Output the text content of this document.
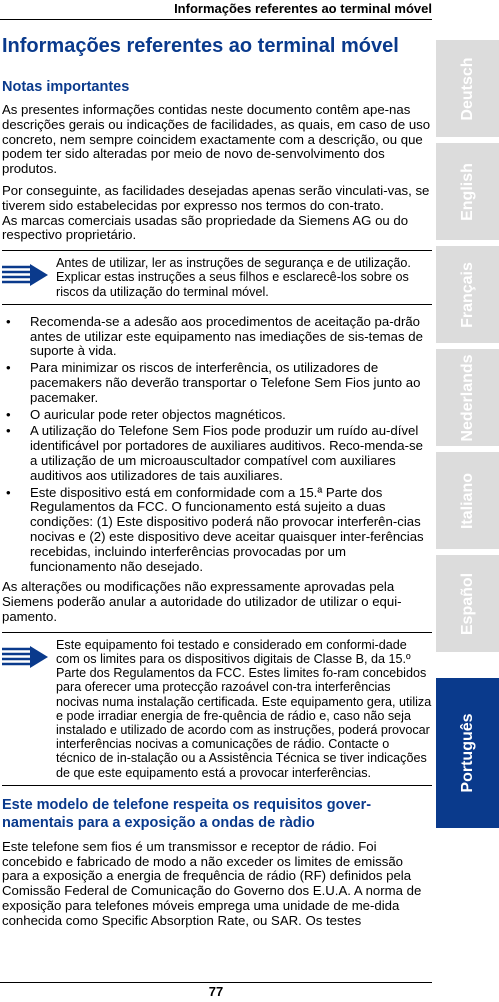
Informações referentes ao terminal móvel
Informações referentes ao terminal móvel
Notas importantes

As presentes informações contidas neste documento contêm ape-nas descrições gerais ou indicações de facilidades, as quais, em caso de uso concreto, nem sempre coincidem exactamente com a descrição, ou que podem ter sido alteradas por meio de novo de-senvolvimento dos produtos.

Por conseguinte, as facilidades desejadas apenas serão vinculati-vas, se tiverem sido estabelecidas por expresso nos termos do con-trato.

As marcas comerciais usadas são propriedade da Siemens AG ou do respectivo proprietário.

Antes de utilizar, ler as instruções de segurança e de utilização. Explicar estas instruções a seus filhos e esclarecê-los sobre os riscos da utilização do terminal móvel.
• Recomenda-se a adesão aos procedimentos de aceitação pa-drão antes de utilizar este equipamento nas imediações de sis-temas de suporte à vida.
• Para minimizar os riscos de interferência, os utilizadores de pacemakers não deverão transportar o Telefone Sem Fios junto ao pacemaker.
• O auricular pode reter objectos magnéticos.
• A utilização do Telefone Sem Fios pode produzir um ruído au-dível identificável por portadores de auxiliares auditivos. Reco-menda-se a utilização de um microauscultador compatível com auxiliares auditivos aos utilizadores de tais auxiliares.
• Este dispositivo está em conformidade com a 15.ª Parte dos Regulamentos da FCC. O funcionamento está sujeito a duas condições: (1) Este dispositivo poderá não provocar interferên-cias nocivas e (2) este dispositivo deve aceitar quaisquer inter-ferências recebidas, incluindo interferências provocadas por um funcionamento não desejado.

As alterações ou modificações não expressamente aprovadas pela Siemens poderão anular a autoridade do utilizador de utilizar o equi-pamento.

Este equipamento foi testado e considerado em conformi-dade com os limites para os dispositivos digitais de Classe B, da 15.º Parte dos Regulamentos da FCC. Estes limites fo-ram concebidos para oferecer uma protecção razoável con-tra interferências nocivas numa instalação certificada. Este equipamento gera, utiliza e pode irradiar energia de fre-quência de rádio e, caso não seja instalado e utilizado de acordo com as instruções, poderá provocar interferências nocivas a comunicações de rádio. Contacte o técnico de in-stalação ou a Assistência Técnica se tiver indicações de que este equipamento está a provocar interferências.
Este modelo de telefone respeita os requisitos gover-namentais para a exposição a ondas de ràdio

Este telefone sem fios é um transmissor e receptor de rádio. Foi concebido e fabricado de modo a não exceder os limites de emissão para a exposição a energia de frequência de rádio (RF) definidos pela Comissão Federal de Comunicação do Governo dos E.U.A. A norma de exposição para telefones móveis emprega uma unidade de me-dida conhecida como Specific Absorption Rate, ou SAR. Os testes

Deutsch
English
Français
Nederlands
Italiano
Español
Português
77
